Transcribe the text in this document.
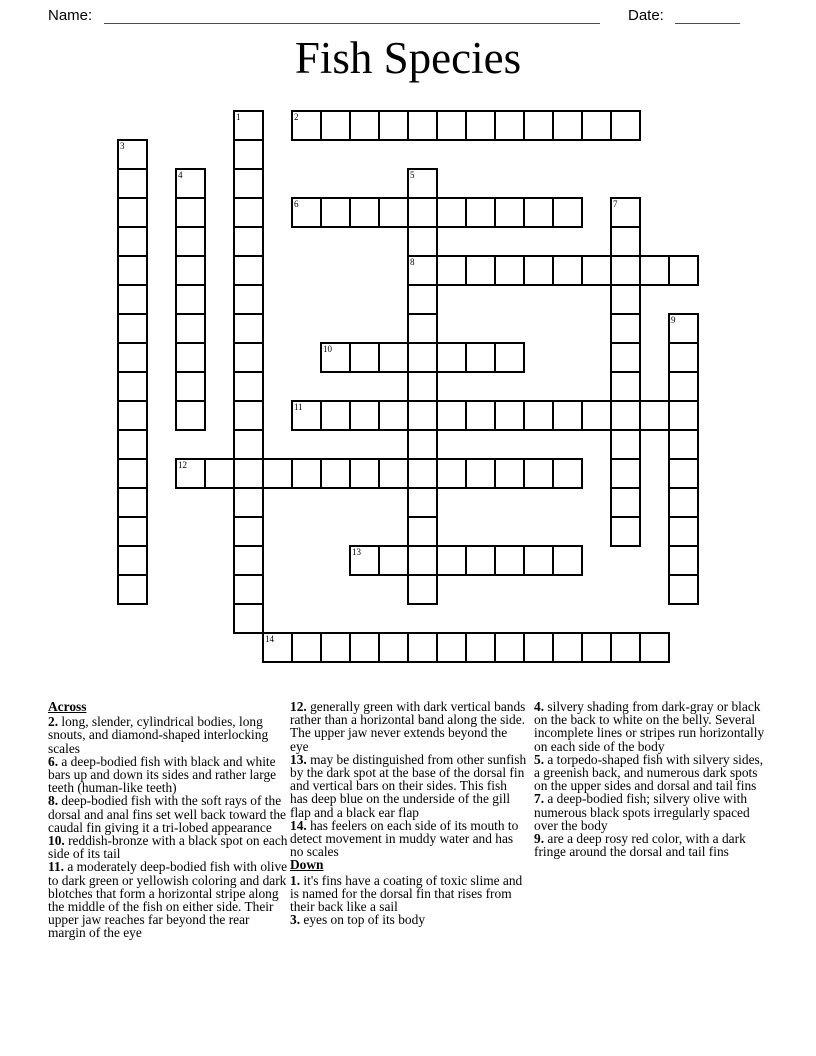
Name:	Date:
Fish Species
1	2
3
4	5
6	7
8
9
10
11
12
13
14
Across

2. long, slender, cylindrical bodies, long snouts, and diamond-shaped interlocking scales

6. a deep-bodied fish with black and white bars up and down its sides and rather large teeth (human-like teeth)

8. deep-bodied fish with the soft rays of the dorsal and anal fins set well back toward the caudal fin giving it a tri-lobed appearance

10. reddish-bronze with a black spot on each side of its tail

11. a moderately deep-bodied fish with olive to dark green or yellowish coloring and dark blotches that form a horizontal stripe along the middle of the fish on either side. Their upper jaw reaches far beyond the rear margin of the eye

12. generally green with dark vertical bands rather than a horizontal band along the side. The upper jaw never extends beyond the eye

13. may be distinguished from other sunfish by the dark spot at the base of the dorsal fin and vertical bars on their sides. This fish has deep blue on the underside of the gill flap and a black ear flap

14. has feelers on each side of its mouth to detect movement in muddy water and has no scales

Down

1. it's fins have a coating of toxic slime and is named for the dorsal fin that rises from their back like a sail

3. eyes on top of its body

4. silvery shading from dark-gray or black on the back to white on the belly. Several incomplete lines or stripes run horizontally on each side of the body

5. a torpedo-shaped fish with silvery sides, a greenish back, and numerous dark spots on the upper sides and dorsal and tail fins

7. a deep-bodied fish; silvery olive with numerous black spots irregularly spaced over the body

9. are a deep rosy red color, with a dark fringe around the dorsal and tail fins
